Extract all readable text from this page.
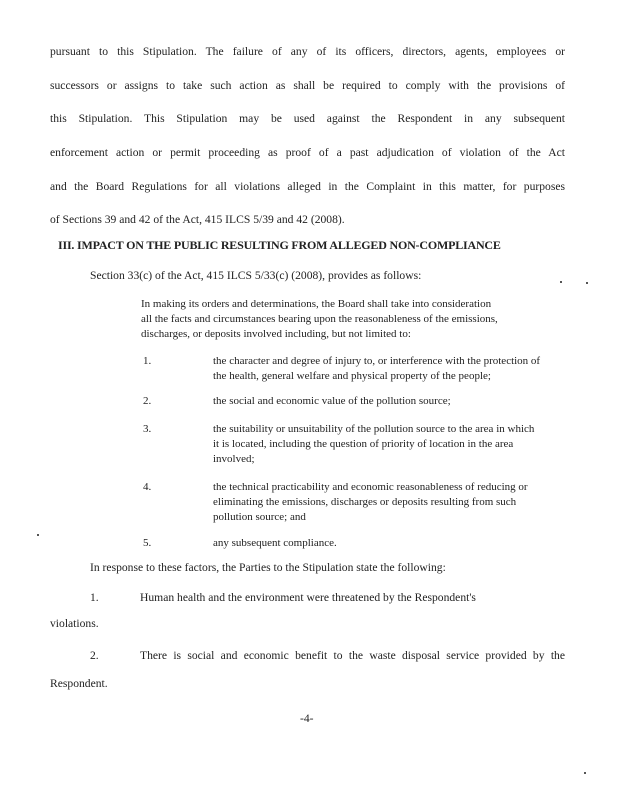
pursuant to this Stipulation. The failure of any of its officers, directors, agents, employees or
successors or assigns to take such action as shall be required to comply with the provisions of
this Stipulation. This Stipulation may be used against the Respondent in any subsequent
enforcement action or permit proceeding as proof of a past adjudication of violation of the Act
and the Board Regulations for all violations alleged in the Complaint in this matter, for purposes
of Sections 39 and 42 of the Act, 415 ILCS 5/39 and 42 (2008).
III. IMPACT ON THE PUBLIC RESULTING FROM ALLEGED NON-COMPLIANCE
Section 33(c) of the Act, 415 ILCS 5/33(c) (2008), provides as follows:
In making its orders and determinations, the Board shall take into consideration
all the facts and circumstances bearing upon the reasonableness of the emissions,
discharges, or deposits involved including, but not limited to:
1.	the character and degree of injury to, or interference with the protection of
the health, general welfare and physical property of the people;
2.	the social and economic value of the pollution source;
3.	the suitability or unsuitability of the pollution source to the area in which
it is located, including the question of priority of location in the area
involved;
4.	the technical practicability and economic reasonableness of reducing or
eliminating the emissions, discharges or deposits resulting from such
pollution source; and
5.	any subsequent compliance.
In response to these factors, the Parties to the Stipulation state the following:
1.	Human health and the environment were threatened by the Respondent's
violations.
2.	There is social and economic benefit to the waste disposal service provided by the
Respondent.
-4-
